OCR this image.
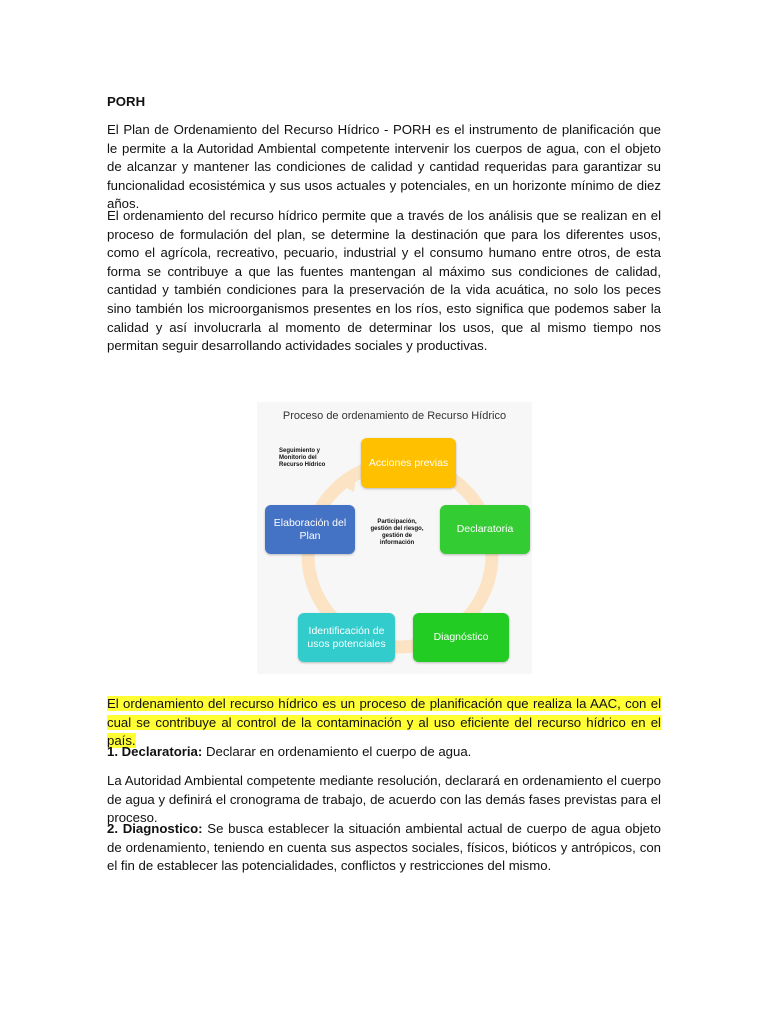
PORH
El Plan de Ordenamiento del Recurso Hídrico - PORH es el instrumento de planificación que le permite a la Autoridad Ambiental competente intervenir los cuerpos de agua, con el objeto de alcanzar y mantener las condiciones de calidad y cantidad requeridas para garantizar su funcionalidad ecosistémica y sus usos actuales y potenciales, en un horizonte mínimo de diez años.
El ordenamiento del recurso hídrico permite que a través de los análisis que se realizan en el proceso de formulación del plan, se determine la destinación que para los diferentes usos, como el agrícola, recreativo, pecuario, industrial y el consumo humano entre otros, de esta forma se contribuye a que las fuentes mantengan al máximo sus condiciones de calidad, cantidad y también condiciones para la preservación de la vida acuática, no solo los peces sino también los microorganismos presentes en los ríos, esto significa que podemos saber la calidad y así involucrarla al momento de determinar los usos, que al mismo tiempo nos permitan seguir desarrollando actividades sociales y productivas.
Proceso de ordenamiento de Recurso Hídrico
Seguimiento y Monitorio del Recurso Hídrico
Participación, gestión del riesgo, gestión de información
Acciones previas
Declaratoria
Diagnóstico
Identificación de usos potenciales
Elaboración del Plan
El ordenamiento del recurso hídrico es un proceso de planificación que realiza la AAC, con el cual se contribuye al control de la contaminación y al uso eficiente del recurso hídrico en el país.
1. Declaratoria: Declarar en ordenamiento el cuerpo de agua.
La Autoridad Ambiental competente mediante resolución, declarará en ordenamiento el cuerpo de agua y definirá el cronograma de trabajo, de acuerdo con las demás fases previstas para el proceso.
2. Diagnostico: Se busca establecer la situación ambiental actual de cuerpo de agua objeto de ordenamiento, teniendo en cuenta sus aspectos sociales, físicos, bióticos y antrópicos, con el fin de establecer las potencialidades, conflictos y restricciones del mismo.
